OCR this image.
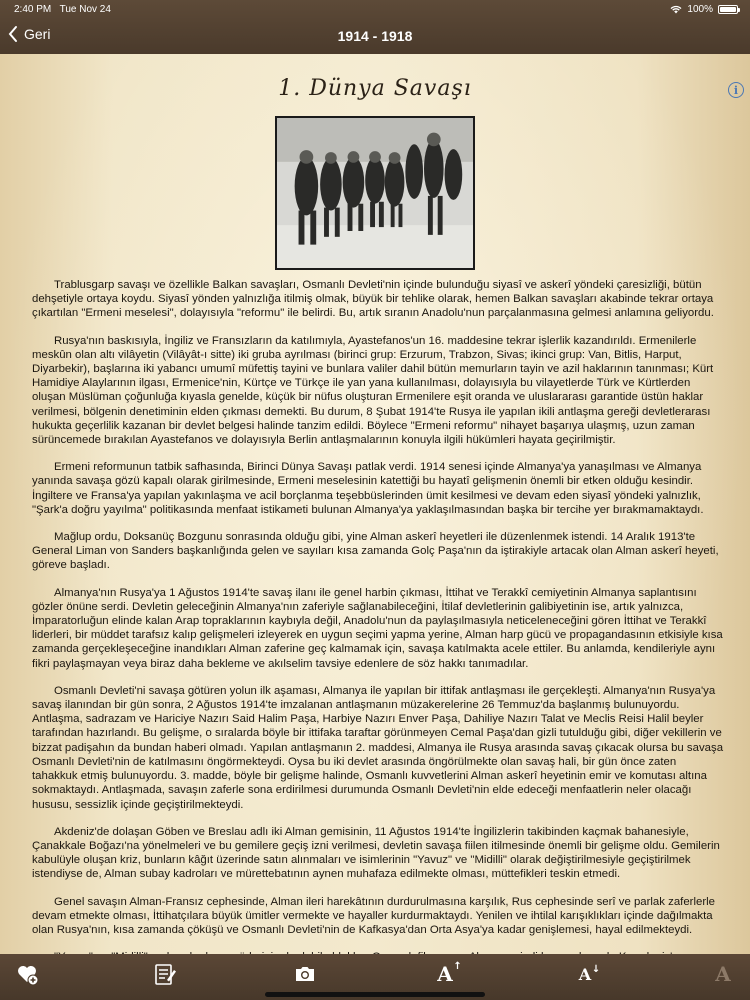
2:40 PM Tue Nov 24	100%
Geri	1914 - 1918
1. Dünya Savaşı	i

Trablusgarp savaşı ve özellikle Balkan savaşları, Osmanlı Devleti'nin içinde bulunduğu siyasî ve askerî yöndeki çaresizliği, bütün dehşetiyle ortaya koydu. Siyasî yönden yalnızlığa itilmiş olmak, büyük bir tehlike olarak, hemen Balkan savaşları akabinde tekrar ortaya çıkartılan "Ermeni meselesi", dolayısıyla "reformu" ile belirdi. Bu, artık sıranın Anadolu'nun parçalanmasına gelmesi anlamına geliyordu.

Rusya'nın baskısıyla, İngiliz ve Fransızların da katılımıyla, Ayastefanos'un 16. maddesine tekrar işlerlik kazandırıldı. Ermenilerle meskûn olan altı vilâyetin (Vilâyât-ı sitte) iki gruba ayrılması (birinci grup: Erzurum, Trabzon, Sivas; ikinci grup: Van, Bitlis, Harput, Diyarbekir), başlarına iki yabancı umumî müfettiş tayini ve bunlara valiler dahil bütün memurların tayin ve azil haklarının tanınması; Kürt Hamidiye Alaylarının ilgası, Ermenice'nin, Kürtçe ve Türkçe ile yan yana kullanılması, dolayısıyla bu vilayetlerde Türk ve Kürtlerden oluşan Müslüman çoğunluğa kıyasla genelde, küçük bir nüfus oluşturan Ermenilere eşit oranda ve uluslararası garantide üstün haklar verilmesi, bölgenin denetiminin elden çıkması demekti. Bu durum, 8 Şubat 1914'te Rusya ile yapılan ikili antlaşma gereği devletlerarası hukukta geçerlilik kazanan bir devlet belgesi halinde tanzim edildi. Böylece "Ermeni reformu" nihayet başarıya ulaşmış, uzun zaman sürüncemede bırakılan Ayastefanos ve dolayısıyla Berlin antlaşmalarının konuyla ilgili hükümleri hayata geçirilmiştir.

Ermeni reformunun tatbik safhasında, Birinci Dünya Savaşı patlak verdi. 1914 senesi içinde Almanya'ya yanaşılması ve Almanya yanında savaşa gözü kapalı olarak girilmesinde, Ermeni meselesinin katettiği bu hayatî gelişmenin önemli bir etken olduğu kesindir. İngiltere ve Fransa'ya yapılan yakınlaşma ve acil borçlanma teşebbüslerinden ümit kesilmesi ve devam eden siyasî yöndeki yalnızlık, "Şark'a doğru yayılma" politikasında menfaat istikameti bulunan Almanya'ya yaklaşılmasından başka bir tercihe yer bırakmamaktaydı.

Mağlup ordu, Doksanüç Bozgunu sonrasında olduğu gibi, yine Alman askerî heyetleri ile düzenlenmek istendi. 14 Aralık 1913'te General Liman von Sanders başkanlığında gelen ve sayıları kısa zamanda Golç Paşa'nın da iştirakiyle artacak olan Alman askerî heyeti, göreve başladı.

Almanya'nın Rusya'ya 1 Ağustos 1914'te savaş ilanı ile genel harbin çıkması, İttihat ve Terakkî cemiyetinin Almanya saplantısını gözler önüne serdi. Devletin geleceğinin Almanya'nın zaferiyle sağlanabileceğini, İtilaf devletlerinin galibiyetinin ise, artık yalnızca, İmparatorluğun elinde kalan Arap topraklarının kaybıyla değil, Anadolu'nun da paylaşılmasıyla neticeleneceğini gören İttihat ve Terakkî liderleri, bir müddet tarafsız kalıp gelişmeleri izleyerek en uygun seçimi yapma yerine, Alman harp gücü ve propagandasının etkisiyle kısa zamanda gerçekleşeceğine inandıkları Alman zaferine geç kalmamak için, savaşa katılmakta acele ettiler. Bu anlamda, kendileriyle aynı fikri paylaşmayan veya biraz daha bekleme ve akılselim tavsiye edenlere de söz hakkı tanımadılar.

Osmanlı Devleti'ni savaşa götüren yolun ilk aşaması, Almanya ile yapılan bir ittifak antlaşması ile gerçekleşti. Almanya'nın Rusya'ya savaş ilanından bir gün sonra, 2 Ağustos 1914'te imzalanan antlaşmanın müzakerelerine 26 Temmuz'da başlanmış bulunuyordu. Antlaşma, sadrazam ve Hariciye Nazırı Said Halim Paşa, Harbiye Nazırı Enver Paşa, Dahiliye Nazırı Talat ve Meclis Reisi Halil beyler tarafından hazırlandı. Bu gelişme, o sıralarda böyle bir ittifaka taraftar görünmeyen Cemal Paşa'dan gizli tutulduğu gibi, diğer vekillerin ve bizzat padişahın da bundan haberi olmadı. Yapılan antlaşmanın 2. maddesi, Almanya ile Rusya arasında savaş çıkacak olursa bu savaşa Osmanlı Devleti'nin de katılmasını öngörmekteydi. Oysa bu iki devlet arasında öngörülmekte olan savaş hali, bir gün önce zaten tahakkuk etmiş bulunuyordu. 3. madde, böyle bir gelişme halinde, Osmanlı kuvvetlerini Alman askerî heyetinin emir ve komutası altına sokmaktaydı. Antlaşmada, savaşın zaferle sona erdirilmesi durumunda Osmanlı Devleti'nin elde edeceği menfaatlerin neler olacağı hususu, sessizlik içinde geçiştirilmekteydi.

Akdeniz'de dolaşan Göben ve Breslau adlı iki Alman gemisinin, 11 Ağustos 1914'te İngilizlerin takibinden kaçmak bahanesiyle, Çanakkale Boğazı'na yönelmeleri ve bu gemilere geçiş izni verilmesi, devletin savaşa fiilen itilmesinde önemli bir gelişme oldu. Gemilerin kabulüyle oluşan kriz, bunların kâğıt üzerinde satın alınmaları ve isimlerinin "Yavuz" ve "Midilli" olarak değiştirilmesiyle geçiştirilmek istendiyse de, Alman subay kadroları ve mürettebatının aynen muhafaza edilmekte olması, müttefikleri teskin etmedi.

Genel savaşın Alman-Fransız cephesinde, Alman ileri harekâtının durdurulmasına karşılık, Rus cephesinde serî ve parlak zaferlerle devam etmekte olması, İttihatçılara büyük ümitler vermekte ve hayaller kurdurmaktaydı. Yenilen ve ihtilal karışıklıkları içinde dağılmakta olan Rusya'nın, kısa zamanda çöküşü ve Osmanlı Devleti'nin de Kafkasya'dan Orta Asya'ya kadar genişlemesi, hayal edilmekteydi.

A ↑	A ↓	A
